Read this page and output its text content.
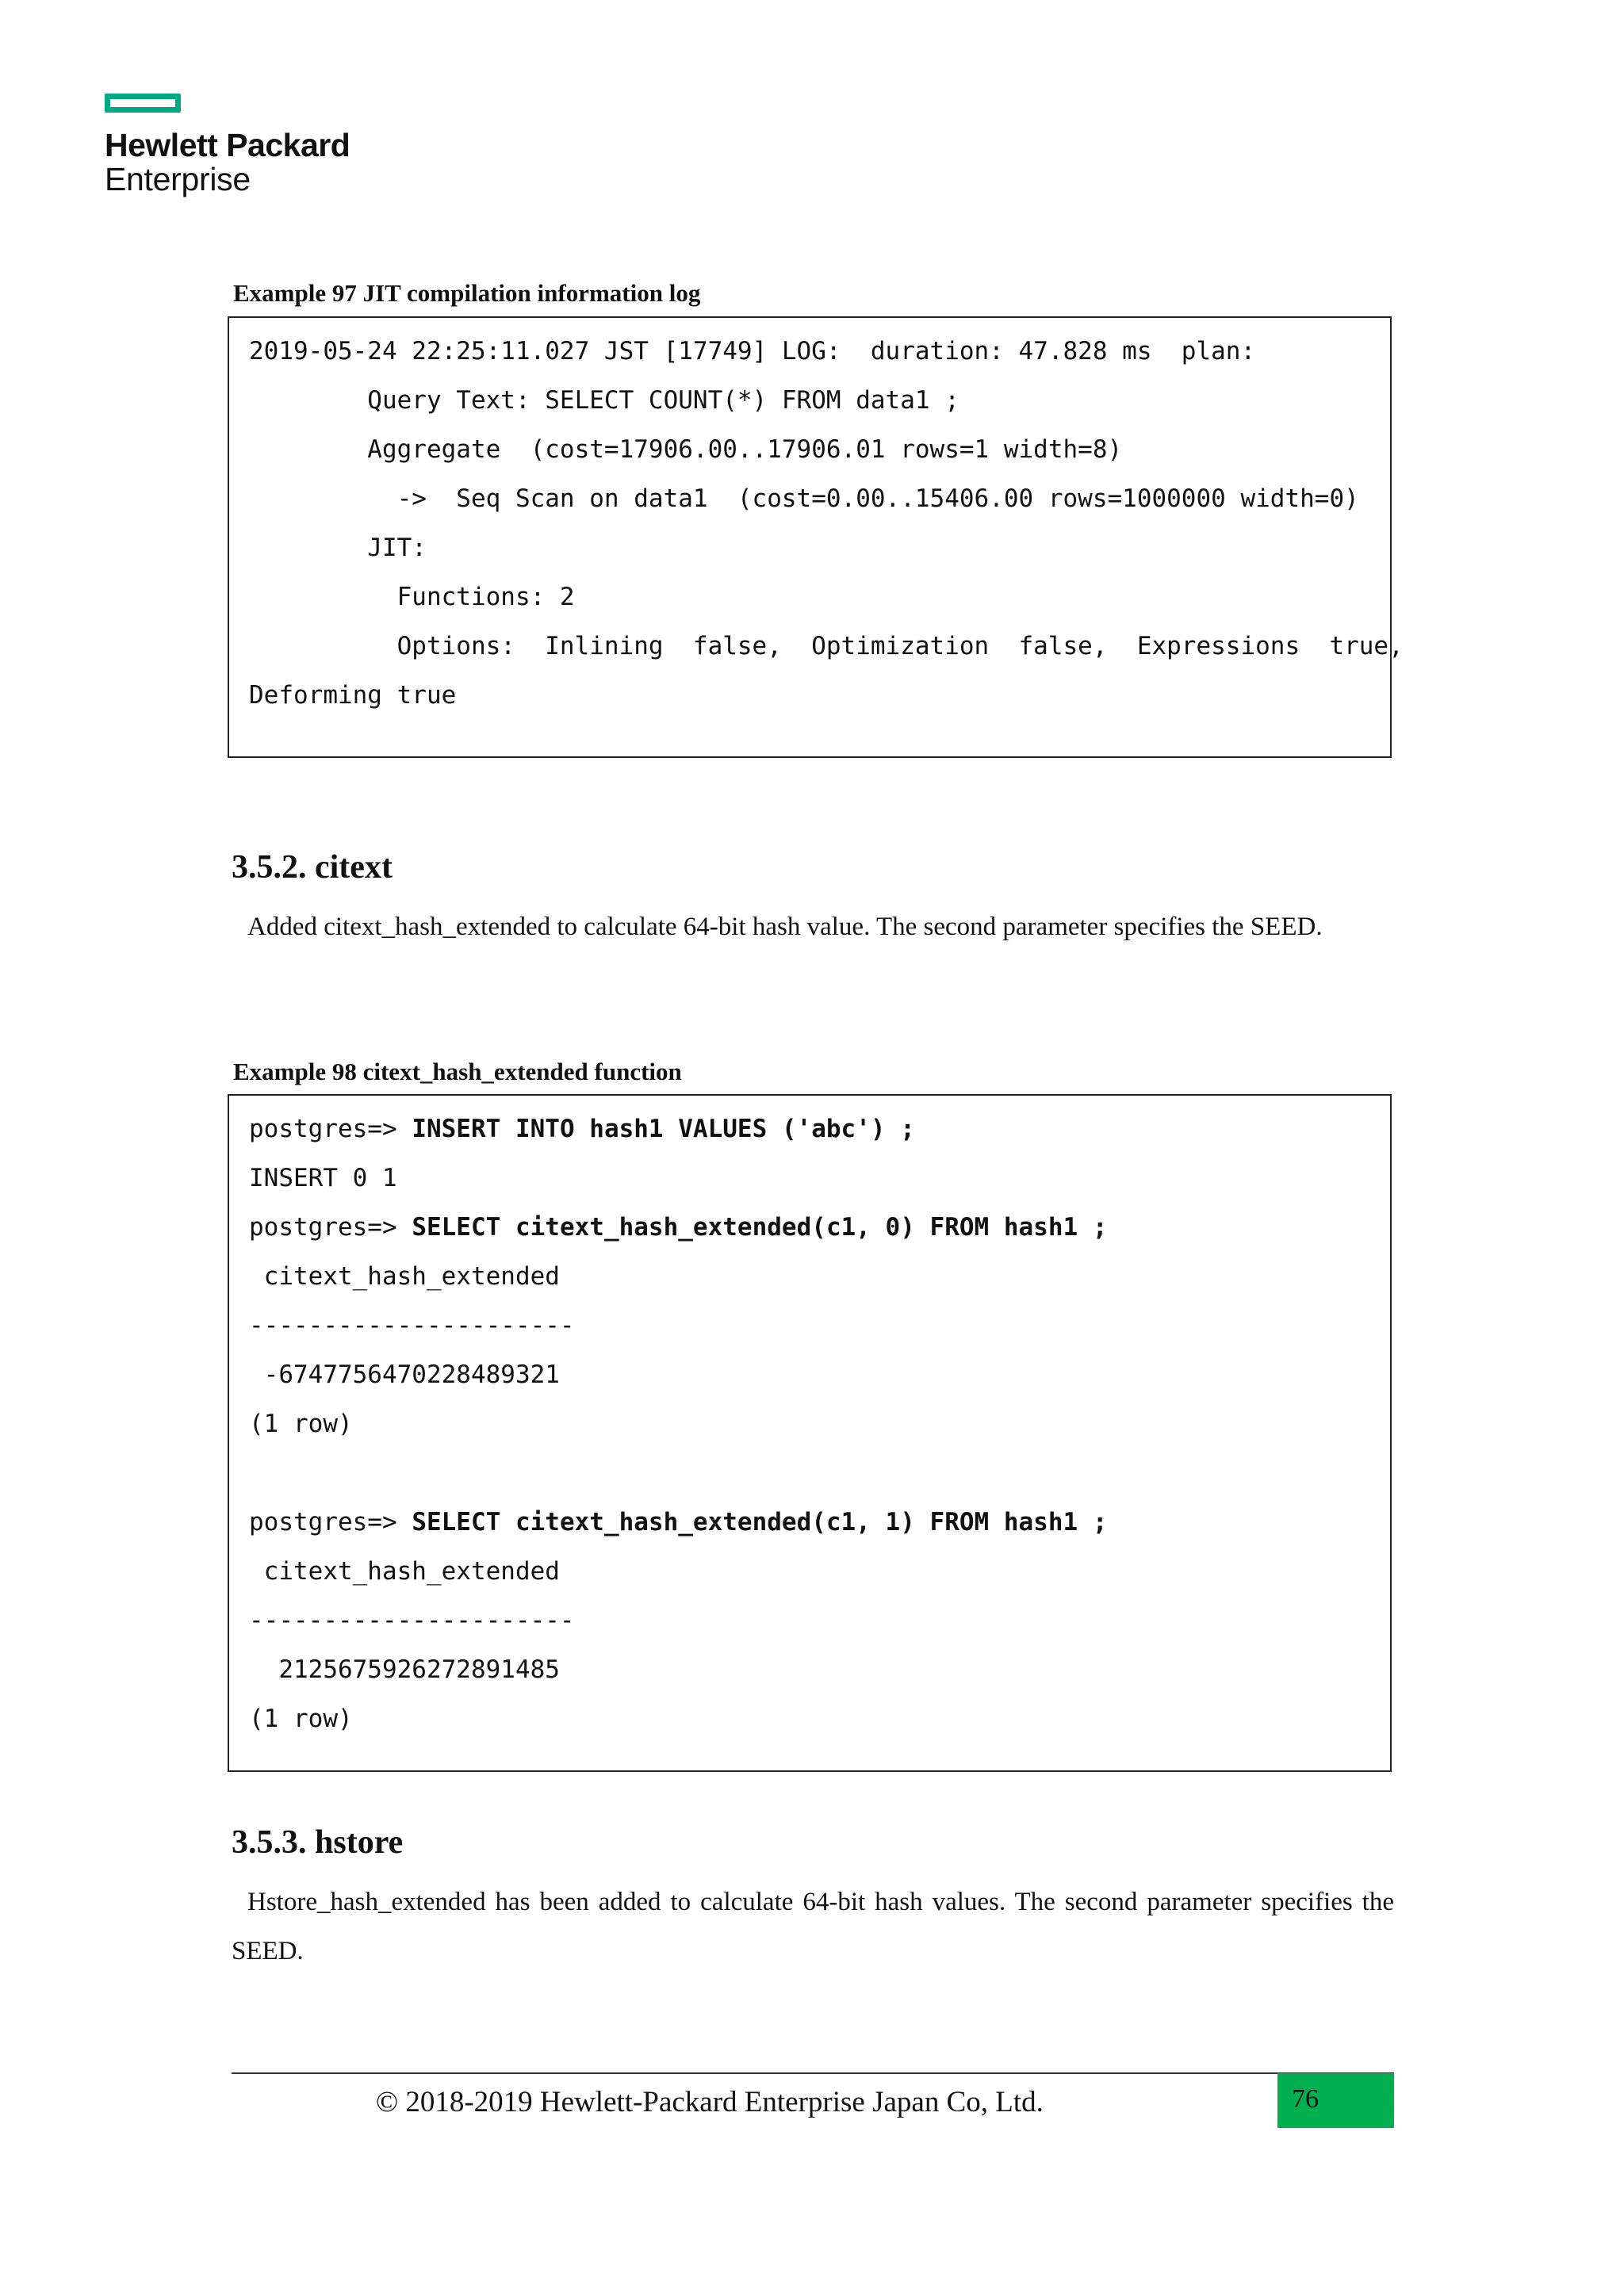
Hewlett Packard
Enterprise
Example 97 JIT compilation information log
2019-05-24 22:25:11.027 JST [17749] LOG:  duration: 47.828 ms  plan:
Query Text: SELECT COUNT(*) FROM data1 ;
Aggregate  (cost=17906.00..17906.01 rows=1 width=8)
->  Seq Scan on data1  (cost=0.00..15406.00 rows=1000000 width=0)
JIT:
Functions: 2
Options:  Inlining  false,  Optimization  false,  Expressions  true,
Deforming true
3.5.2. citext
Added citext_hash_extended to calculate 64-bit hash value. The second parameter specifies the SEED.
Example 98 citext_hash_extended function
postgres=> INSERT INTO hash1 VALUES ('abc') ;
INSERT 0 1
postgres=> SELECT citext_hash_extended(c1, 0) FROM hash1 ;
citext_hash_extended
----------------------
-6747756470228489321
(1 row)
postgres=> SELECT citext_hash_extended(c1, 1) FROM hash1 ;
citext_hash_extended
----------------------
2125675926272891485
(1 row)
3.5.3. hstore
Hstore_hash_extended has been added to calculate 64-bit hash values. The second parameter specifies the SEED.
© 2018-2019 Hewlett-Packard Enterprise Japan Co, Ltd.	76
